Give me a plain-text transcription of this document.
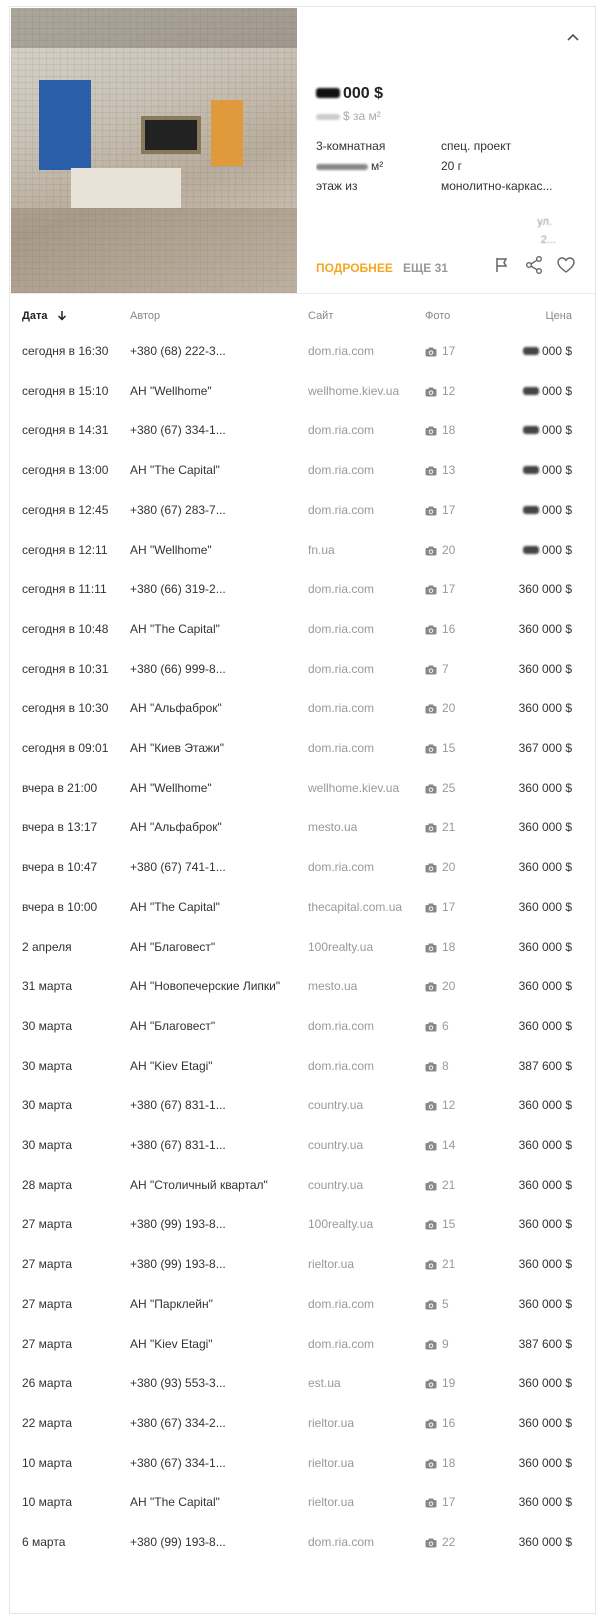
000 $
$ за м²
3-комнатная	спец. проект
м²	20 г
этаж из	монолитно-каркас...
ул.
2...
ПОДРОБНЕЕ ЕЩЕ 31
Дата	Автор	Сайт	Фото	Цена
сегодня в 16:30	+380 (68) 222-3...	dom.ria.com	17	000 $
сегодня в 15:10	АН "Wellhome"	wellhome.kiev.ua	12	000 $
сегодня в 14:31	+380 (67) 334-1...	dom.ria.com	18	000 $
сегодня в 13:00	АН "The Capital"	dom.ria.com	13	000 $
сегодня в 12:45	+380 (67) 283-7...	dom.ria.com	17	000 $
сегодня в 12:11	АН "Wellhome"	fn.ua	20	000 $
сегодня в 11:11	+380 (66) 319-2...	dom.ria.com	17	360 000 $
сегодня в 10:48	АН "The Capital"	dom.ria.com	16	360 000 $
сегодня в 10:31	+380 (66) 999-8...	dom.ria.com	7	360 000 $
сегодня в 10:30	АН "Альфаброк"	dom.ria.com	20	360 000 $
сегодня в 09:01	АН "Киев Этажи"	dom.ria.com	15	367 000 $
вчера в 21:00	АН "Wellhome"	wellhome.kiev.ua	25	360 000 $
вчера в 13:17	АН "Альфаброк"	mesto.ua	21	360 000 $
вчера в 10:47	+380 (67) 741-1...	dom.ria.com	20	360 000 $
вчера в 10:00	АН "The Capital"	thecapital.com.ua	17	360 000 $
2 апреля	АН "Благовест"	100realty.ua	18	360 000 $
31 марта	АН "Новопечерские Липки"	mesto.ua	20	360 000 $
30 марта	АН "Благовест"	dom.ria.com	6	360 000 $
30 марта	АН "Kiev Etagi"	dom.ria.com	8	387 600 $
30 марта	+380 (67) 831-1...	country.ua	12	360 000 $
30 марта	+380 (67) 831-1...	country.ua	14	360 000 $
28 марта	АН "Столичный квартал"	country.ua	21	360 000 $
27 марта	+380 (99) 193-8...	100realty.ua	15	360 000 $
27 марта	+380 (99) 193-8...	rieltor.ua	21	360 000 $
27 марта	АН "Парклейн"	dom.ria.com	5	360 000 $
27 марта	АН "Kiev Etagi"	dom.ria.com	9	387 600 $
26 марта	+380 (93) 553-3...	est.ua	19	360 000 $
22 марта	+380 (67) 334-2...	rieltor.ua	16	360 000 $
10 марта	+380 (67) 334-1...	rieltor.ua	18	360 000 $
10 марта	АН "The Capital"	rieltor.ua	17	360 000 $
6 марта	+380 (99) 193-8...	dom.ria.com	22	360 000 $
